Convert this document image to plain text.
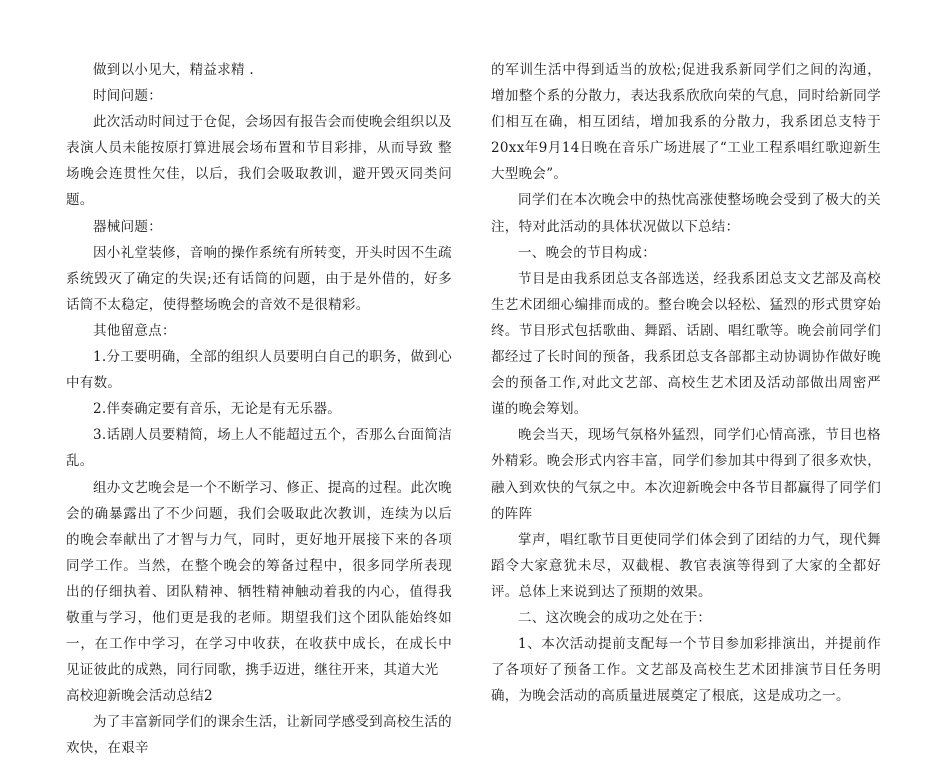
做到以小见大，精益求精 .

时间问题：

此次活动时间过于仓促，会场因有报告会而使晚会组织以及表演人员未能按原打算进展会场布置和节目彩排，从而导致 整场晚会连贯性欠佳，以后，我们会吸取教训，避开毁灭同类问题。

器械问题：

因小礼堂装修，音响的操作系统有所转变，开头时因不生疏系统毁灭了确定的失误;还有话筒的问题，由于是外借的，好多话筒不太稳定，使得整场晚会的音效不是很精彩。

其他留意点：

1.分工要明确，全部的组织人员要明白自己的职务，做到心中有数。

2.伴奏确定要有音乐，无论是有无乐器。

3.话剧人员要精简，场上人不能超过五个，否那么台面简洁乱。

组办文艺晚会是一个不断学习、修正、提高的过程。此次晚会的确暴露出了不少问题，我们会吸取此次教训，连续为以后的晚会奉献出了才智与力气，同时，更好地开展接下来的各项同学工作。当然，在整个晚会的筹备过程中，很多同学所表现出的仔细执着、团队精神、牺牲精神触动着我的内心，值得我敬重与学习，他们更是我的老师。期望我们这个团队能始终如一，在工作中学习，在学习中收获，在收获中成长，在成长中见证彼此的成熟，同行同歌，携手迈进，继往开来，其道大光

高校迎新晚会活动总结2

为了丰富新同学们的课余生活，让新同学感受到高校生活的欢快，在艰辛

的军训生活中得到适当的放松;促进我系新同学们之间的沟通，增加整个系的分散力，表达我系欣欣向荣的气息，同时给新同学们相互在确，相互团结，增加我系的分散力，我系团总支特于20xx年9月14日晚在音乐广场进展了“工业工程系唱红歌迎新生大型晚会”。

同学们在本次晚会中的热忱高涨使整场晚会受到了极大的关注，特对此活动的具体状况做以下总结：

一、晚会的节目构成：

节目是由我系团总支各部选送，经我系团总支文艺部及高校生艺术团细心编排而成的。整台晚会以轻松、猛烈的形式贯穿始终。节目形式包括歌曲、舞蹈、话剧、唱红歌等。晚会前同学们都经过了长时间的预备，我系团总支各部都主动协调协作做好晚会的预备工作,对此文艺部、高校生艺术团及活动部做出周密严谨的晚会筹划。

晚会当天，现场气氛格外猛烈，同学们心情高涨，节目也格外精彩。晚会形式内容丰富，同学们参加其中得到了很多欢快，融入到欢快的气氛之中。本次迎新晚会中各节目都赢得了同学们的阵阵

掌声，唱红歌节目更使同学们体会到了团结的力气，现代舞蹈令大家意犹未尽，双截棍、教官表演等得到了大家的全都好评。总体上来说到达了预期的效果。

二、这次晚会的成功之处在于：

1、本次活动提前支配每一个节目参加彩排演出，并提前作了各项好了预备工作。文艺部及高校生艺术团排演节目任务明确，为晚会活动的高质量进展奠定了根底，这是成功之一。
